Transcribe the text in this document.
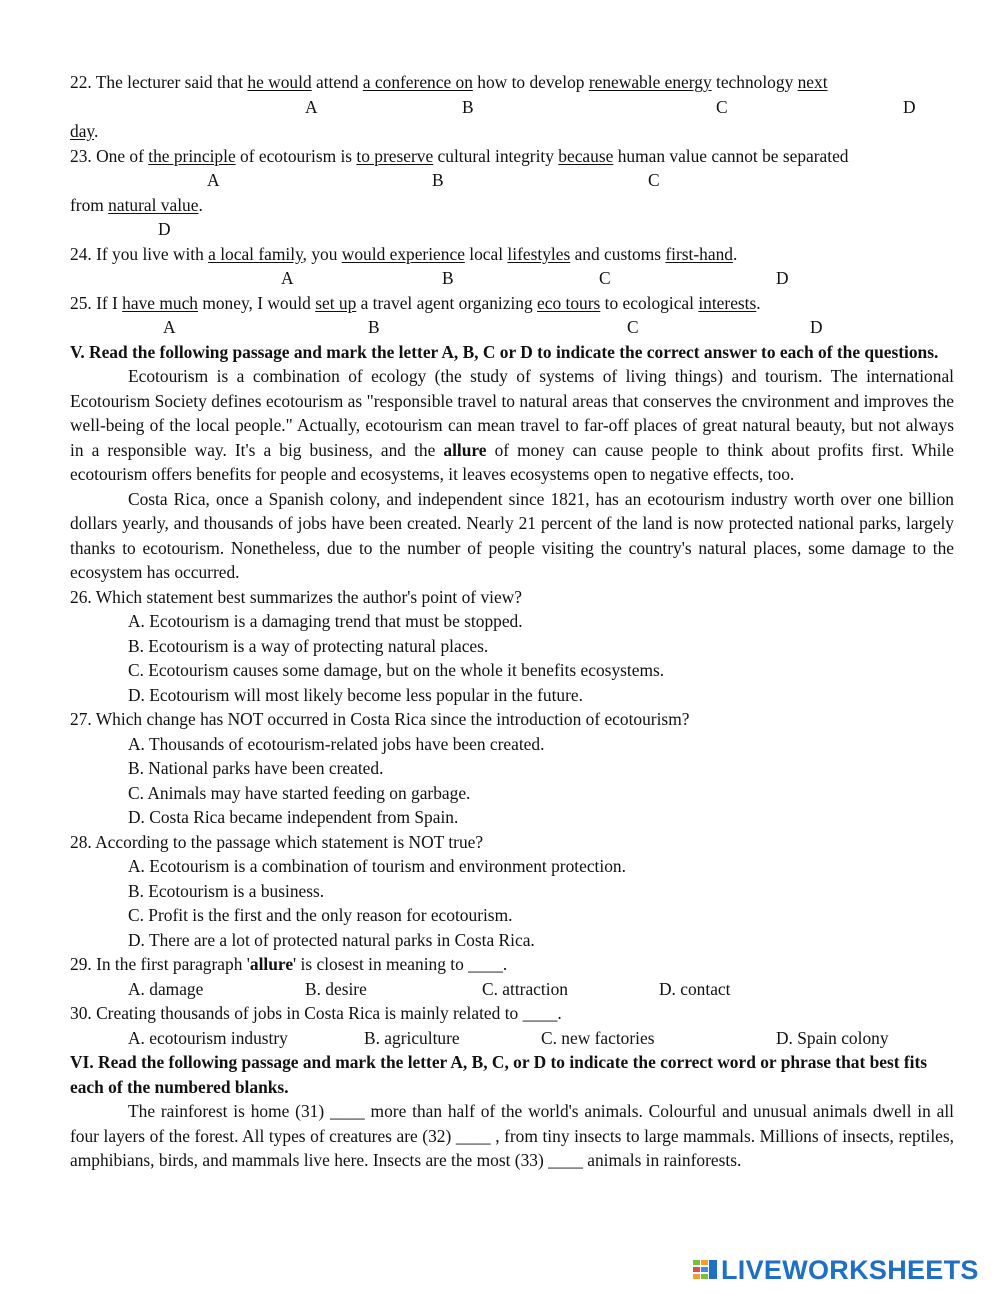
22. The lecturer said that he would attend a conference on how to develop renewable energy technology next
A	B	C	D
day.
23. One of the principle of ecotourism is to preserve cultural integrity because human value cannot be separated
A	B	C
from natural value.
D
24. If you live with a local family, you would experience local lifestyles and customs first-hand.
A	B	C	D
25. If I have much money, I would set up a travel agent organizing eco tours to ecological interests.
A	B	C	D
V. Read the following passage and mark the letter A, B, C or D to indicate the correct answer to each of the questions.

Ecotourism is a combination of ecology (the study of systems of living things) and tourism. The international Ecotourism Society defines ecotourism as "responsible travel to natural areas that conserves the cnvironment and improves the well-being of the local people." Actually, ecotourism can mean travel to far-off places of great natural beauty, but not always in a responsible way. It's a big business, and the allure of money can cause people to think about profits first. While ecotourism offers benefits for people and ecosystems, it leaves ecosystems open to negative effects, too.

Costa Rica, once a Spanish colony, and independent since 1821, has an ecotourism industry worth over one billion dollars yearly, and thousands of jobs have been created. Nearly 21 percent of the land is now protected national parks, largely thanks to ecotourism. Nonetheless, due to the number of people visiting the country's natural places, some damage to the ecosystem has occurred.

26. Which statement best summarizes the author's point of view?
A. Ecotourism is a damaging trend that must be stopped.
B. Ecotourism is a way of protecting natural places.
C. Ecotourism causes some damage, but on the whole it benefits ecosystems.
D. Ecotourism will most likely become less popular in the future.
27. Which change has NOT occurred in Costa Rica since the introduction of ecotourism?
A. Thousands of ecotourism-related jobs have been created.
B. National parks have been created.
C. Animals may have started feeding on garbage.
D. Costa Rica became independent from Spain.
28. According to the passage which statement is NOT true?
A. Ecotourism is a combination of tourism and environment protection.
B. Ecotourism is a business.
C. Profit is the first and the only reason for ecotourism.
D. There are a lot of protected natural parks in Costa Rica.
29. In the first paragraph 'allure' is closest in meaning to ____.
A. damage	B. desire	C. attraction	D. contact
30. Creating thousands of jobs in Costa Rica is mainly related to ____.
A. ecotourism industry	B. agriculture	C. new factories	D. Spain colony
VI. Read the following passage and mark the letter A, B, C, or D to indicate the correct word or phrase that best fits each of the numbered blanks.

The rainforest is home (31) ____ more than half of the world's animals. Colourful and unusual animals dwell in all four layers of the forest. All types of creatures are (32) ____ , from tiny insects to large mammals. Millions of insects, reptiles, amphibians, birds, and mammals live here. Insects are the most (33) ____ animals in rainforests.

LIVEWORKSHEETS
